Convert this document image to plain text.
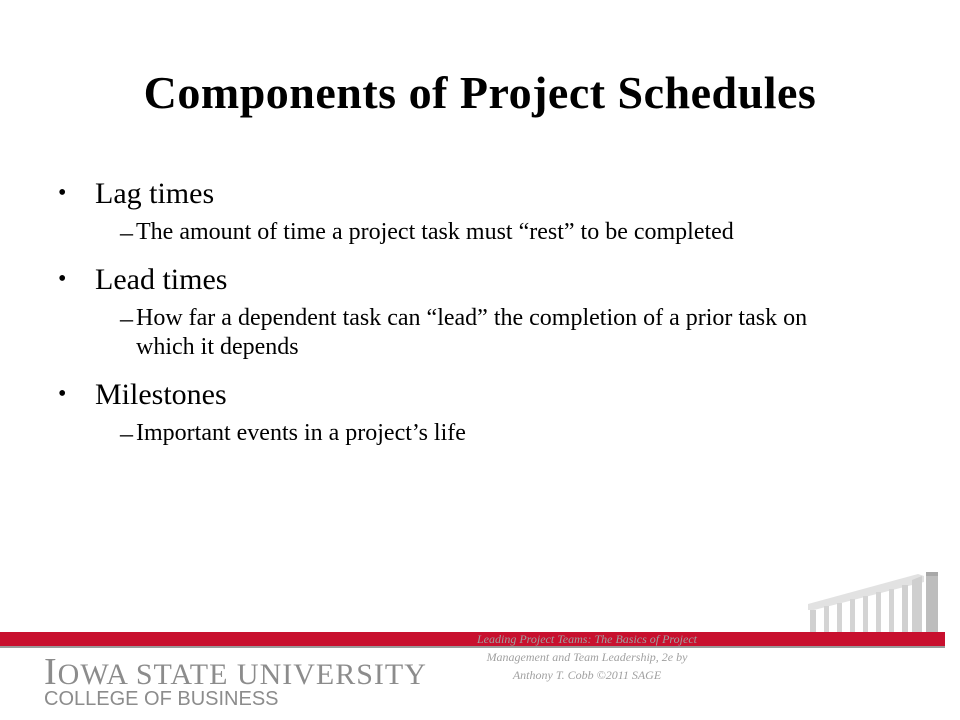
Components of Project Schedules
• Lag times
– The amount of time a project task must “rest” to be completed
• Lead times
– How far a dependent task can “lead” the completion of a prior task on which it depends
• Milestones
– Important events in a project’s life
IOWA STATE UNIVERSITY
COLLEGE OF BUSINESS
Leading Project Teams: The Basics of Project Management and Team Leadership, 2e by Anthony T. Cobb ©2011 SAGE
